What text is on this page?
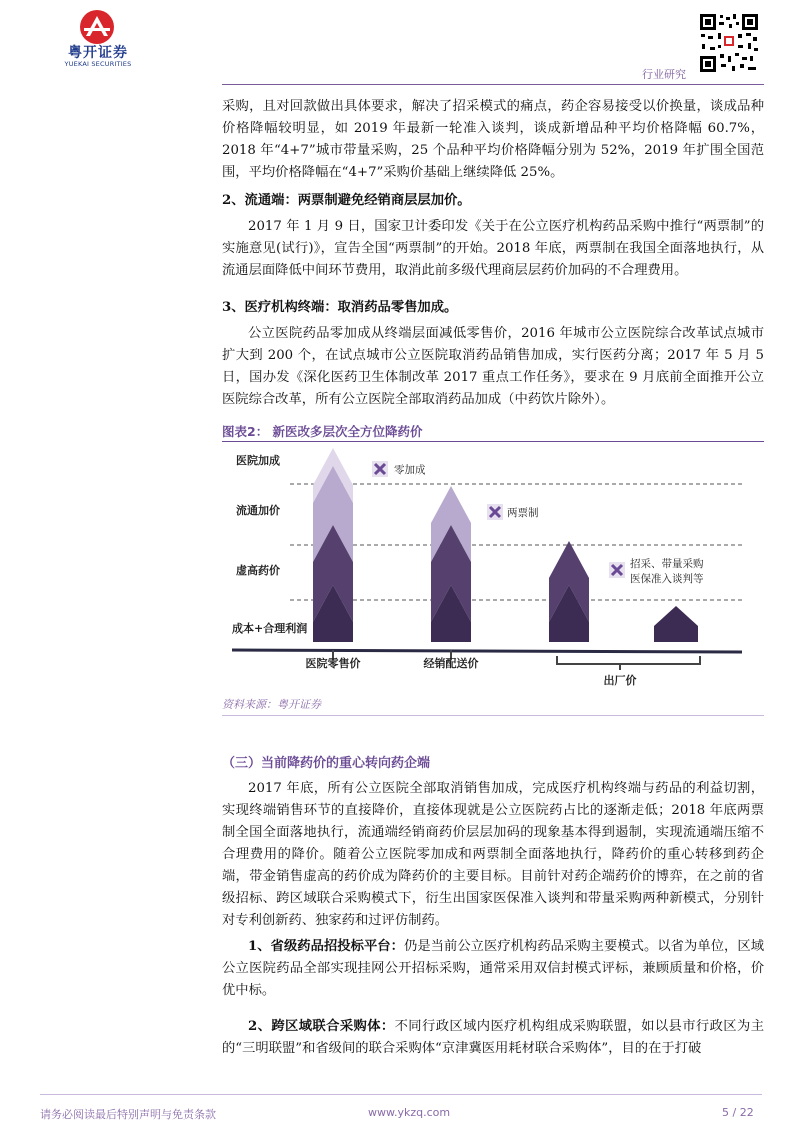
粤开证券
YUEKAI SECURITIES
行业研究

采购，且对回款做出具体要求，解决了招采模式的痛点，药企容易接受以价换量，谈成品种价格降幅较明显，如 2019 年最新一轮准入谈判，谈成新增品种平均价格降幅 60.7%，2018 年“4+7”城市带量采购，25 个品种平均价格降幅分别为 52%，2019 年扩围全国范围，平均价格降幅在“4+7”采购价基础上继续降低 25%。

2、流通端：两票制避免经销商层层加价。

2017 年 1 月 9 日，国家卫计委印发《关于在公立医疗机构药品采购中推行“两票制”的实施意见(试行)》，宣告全国“两票制”的开始。2018 年底，两票制在我国全面落地执行，从流通层面降低中间环节费用，取消此前多级代理商层层药价加码的不合理费用。

3、医疗机构终端：取消药品零售加成。

公立医院药品零加成从终端层面减低零售价，2016 年城市公立医院综合改革试点城市扩大到 200 个，在试点城市公立医院取消药品销售加成，实行医药分离；2017 年 5 月 5 日，国办发《深化医药卫生体制改革 2017 重点工作任务》，要求在 9 月底前全面推开公立医院综合改革，所有公立医院全部取消药品加成（中药饮片除外）。

图表2： 新医改多层次全方位降药价
医院加成
流通加价
虚高药价
成本+合理利润
零加成
两票制
招采、带量采购
医保准入谈判等
医院零售价	经销配送价
出厂价
资料来源：粤开证券
（三）当前降药价的重心转向药企端

2017 年底，所有公立医院全部取消销售加成，完成医疗机构终端与药品的利益切割，实现终端销售环节的直接降价，直接体现就是公立医院药占比的逐渐走低；2018 年底两票制全国全面落地执行，流通端经销商药价层层加码的现象基本得到遏制，实现流通端压缩不合理费用的降价。随着公立医院零加成和两票制全面落地执行，降药价的重心转移到药企端，带金销售虚高的药价成为降药价的主要目标。目前针对药企端药价的博弈，在之前的省级招标、跨区域联合采购模式下，衍生出国家医保准入谈判和带量采购两种新模式，分别针对专利创新药、独家药和过评仿制药。

1、省级药品招投标平台：仍是当前公立医疗机构药品采购主要模式。以省为单位，区域公立医院药品全部实现挂网公开招标采购，通常采用双信封模式评标，兼顾质量和价格，价优中标。

2、跨区域联合采购体：不同行政区域内医疗机构组成采购联盟，如以县市行政区为主的“三明联盟”和省级间的联合采购体“京津冀医用耗材联合采购体”，目的在于打破

请务必阅读最后特别声明与免责条款	www.ykzq.com	5 / 22
